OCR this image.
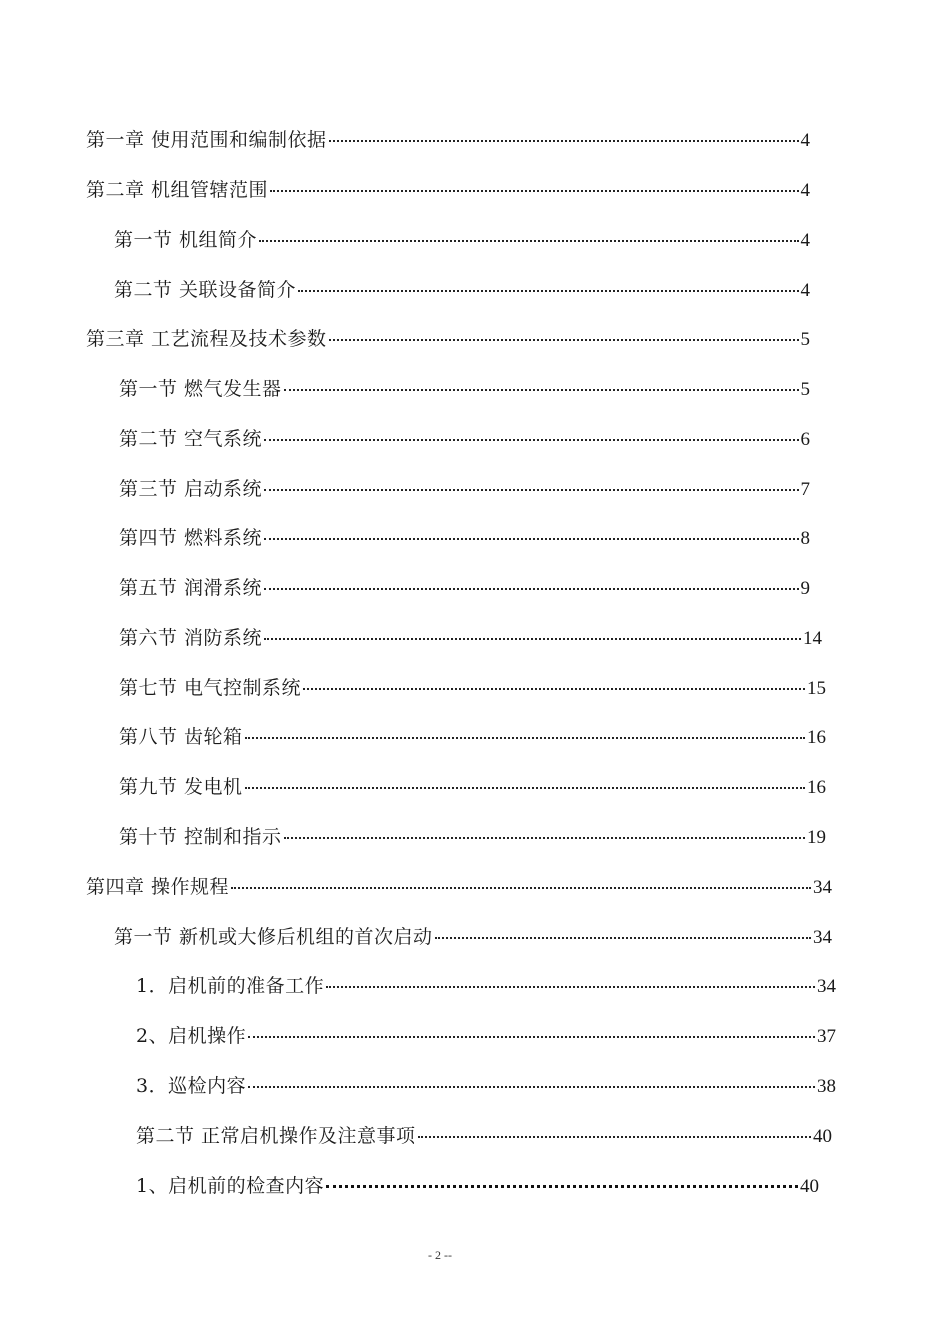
第一章 使用范围和编制依据	4
第二章 机组管辖范围	4
第一节 机组简介	4
第二节 关联设备简介	4
第三章 工艺流程及技术参数	5
第一节 燃气发生器	5
第二节 空气系统	6
第三节 启动系统	7
第四节 燃料系统	8
第五节 润滑系统	9
第六节 消防系统	14
第七节 电气控制系统	15
第八节 齿轮箱	16
第九节 发电机	16
第十节 控制和指示	19
第四章 操作规程	34
第一节 新机或大修后机组的首次启动	34
1．启机前的准备工作	34
2、启机操作	37
3．巡检内容	38
第二节 正常启机操作及注意事项	40
1、启机前的检查内容	40
- 2 --
